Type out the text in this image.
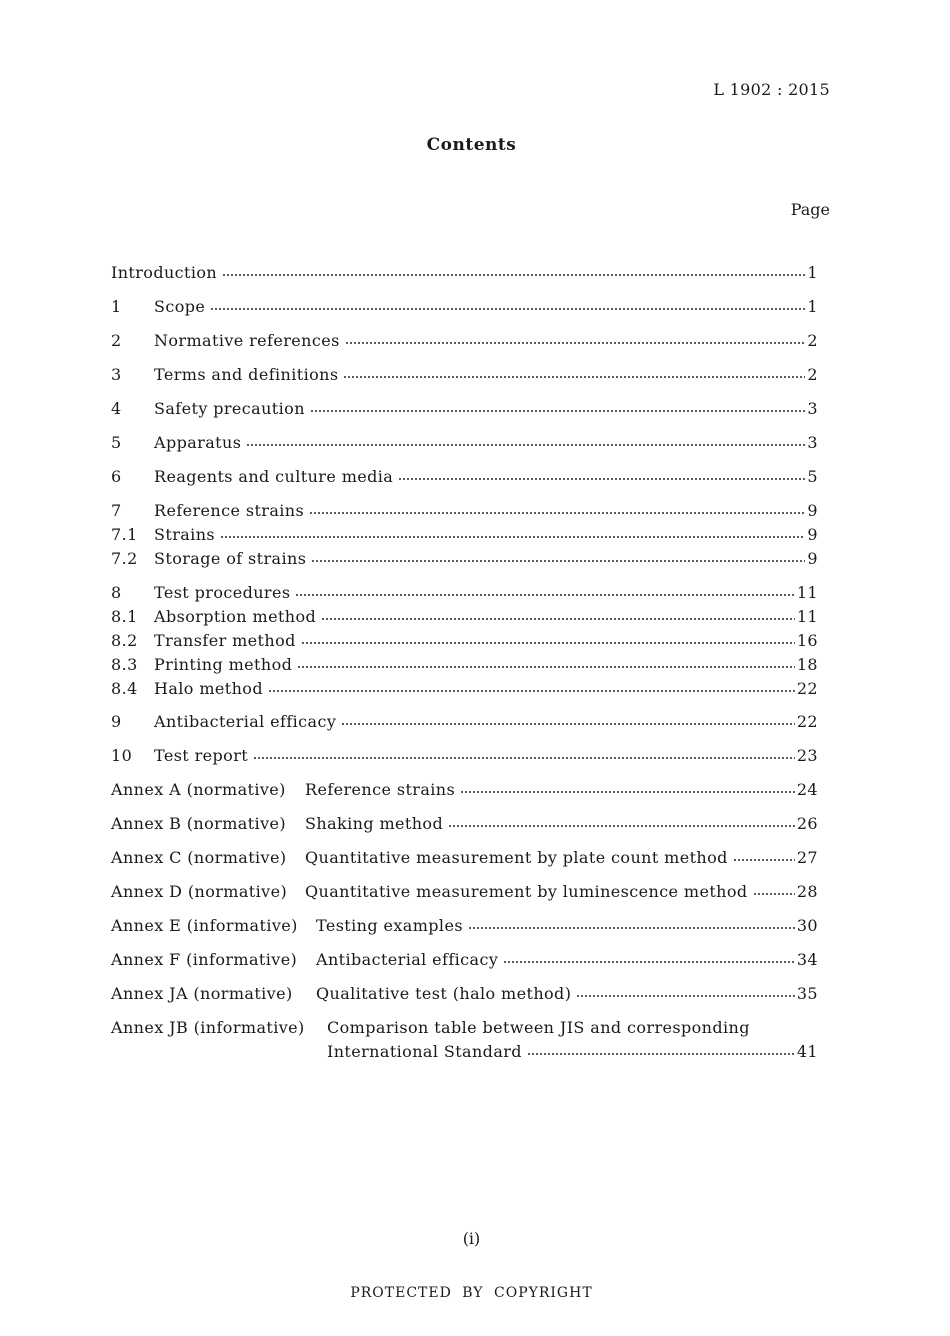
L 1902 : 2015
Contents
Page
Introduction	1
1 Scope	1
2 Normative references	2
3 Terms and definitions	2
4 Safety precaution	3
5 Apparatus	3
6 Reagents and culture media	5
7 Reference strains	9
7.1 Strains	9
7.2 Storage of strains	9
8 Test procedures	11
8.1 Absorption method	11
8.2 Transfer method	16
8.3 Printing method	18
8.4 Halo method	22
9 Antibacterial efficacy	22
10 Test report	23
Annex A (normative) Reference strains	24
Annex B (normative) Shaking method	26
Annex C (normative) Quantitative measurement by plate count method	27
Annex D (normative) Quantitative measurement by luminescence method	28
Annex E (informative) Testing examples	30
Annex F (informative) Antibacterial efficacy	34
Annex JA (normative) Qualitative test (halo method)	35
Annex JB (informative) Comparison table between JIS and corresponding
International Standard	41
(i)
PROTECTED BY COPYRIGHT
